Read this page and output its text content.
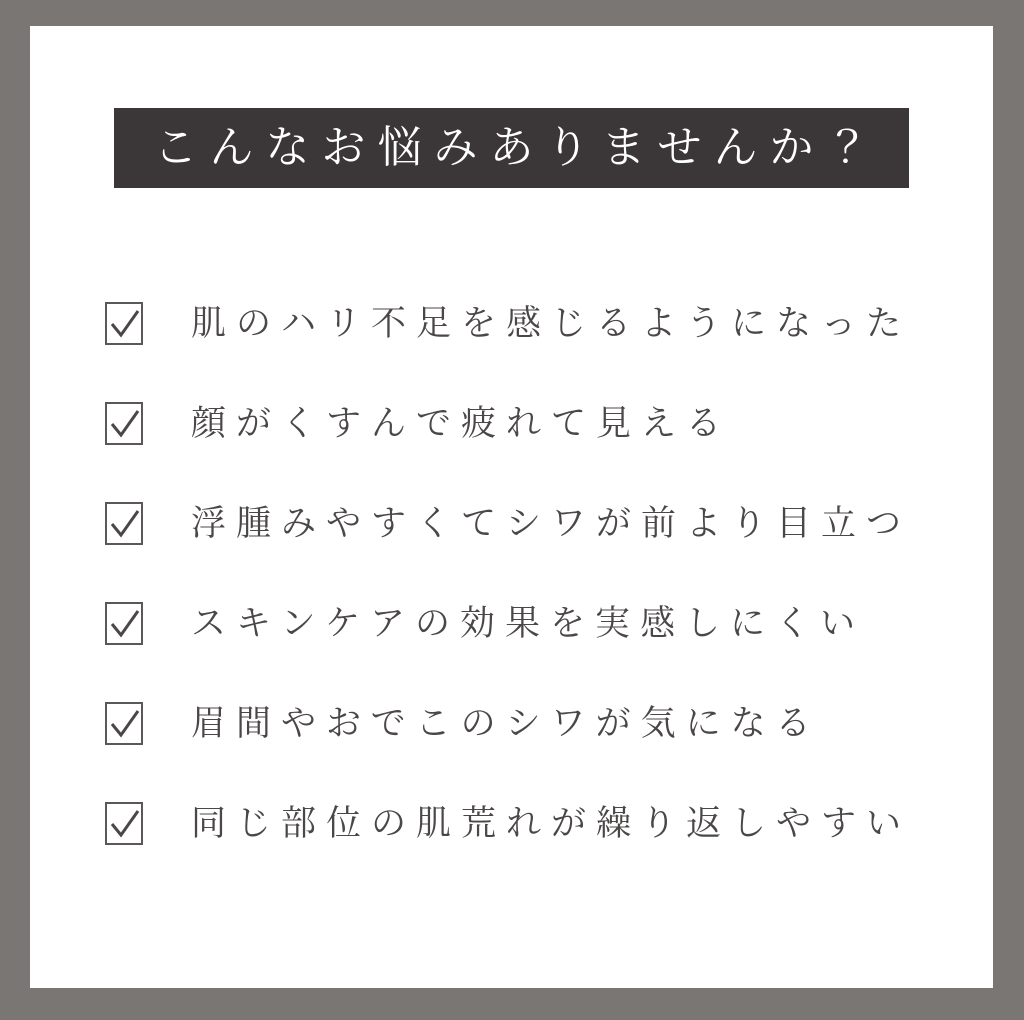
こんなお悩みありませんか？
肌のハリ不足を感じるようになった
顔がくすんで疲れて見える
浮腫みやすくてシワが前より目立つ
スキンケアの効果を実感しにくい
眉間やおでこのシワが気になる
同じ部位の肌荒れが繰り返しやすい
